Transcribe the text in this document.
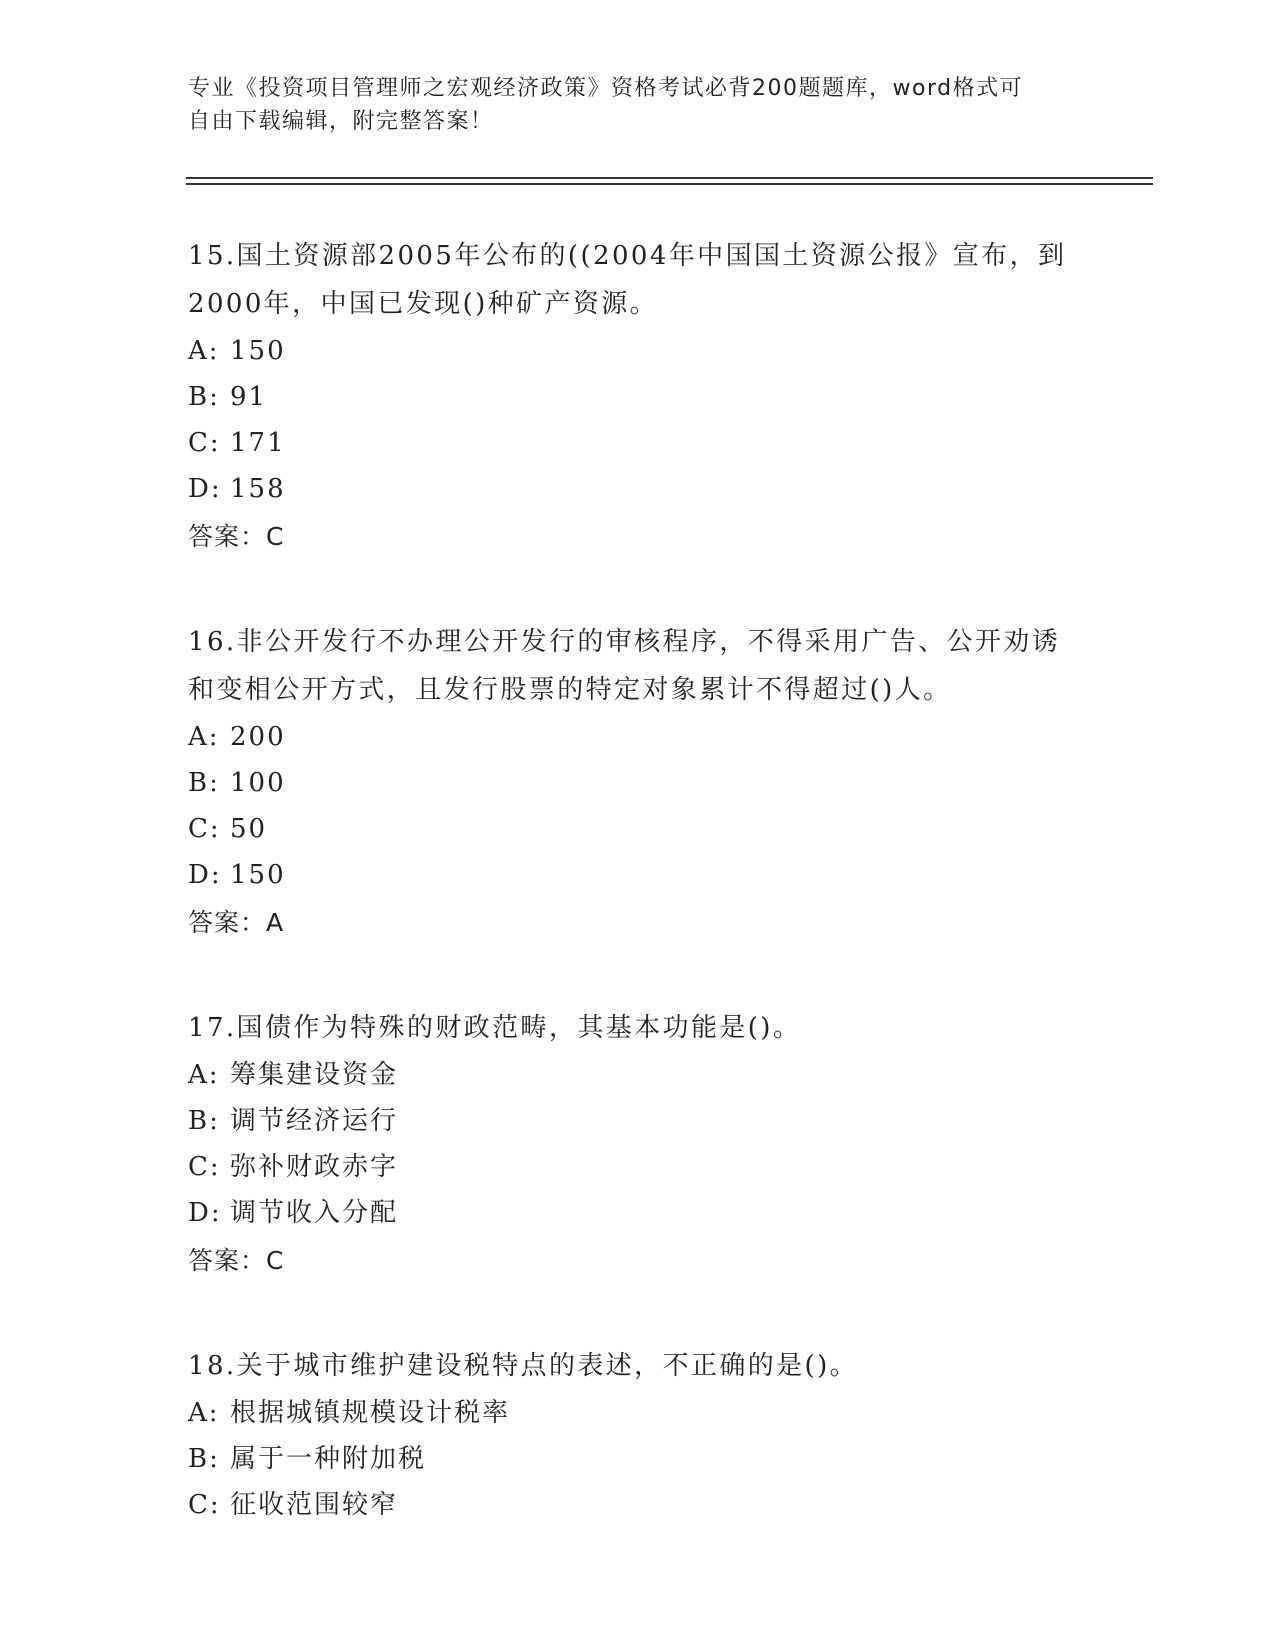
专业《投资项目管理师之宏观经济政策》资格考试必背200题题库，word格式可
自由下载编辑，附完整答案！
15.国土资源部2005年公布的((2004年中国国土资源公报》宣布，到
2000年，中国已发现()种矿产资源。
A: 150
B: 91
C: 171
D: 158
答案：C
16.非公开发行不办理公开发行的审核程序，不得采用广告、公开劝诱
和变相公开方式，且发行股票的特定对象累计不得超过()人。
A: 200
B: 100
C: 50
D: 150
答案：A
17.国债作为特殊的财政范畴，其基本功能是()。
A: 筹集建设资金
B: 调节经济运行
C: 弥补财政赤字
D: 调节收入分配
答案：C
18.关于城市维护建设税特点的表述，不正确的是()。
A: 根据城镇规模设计税率
B: 属于一种附加税
C: 征收范围较窄
